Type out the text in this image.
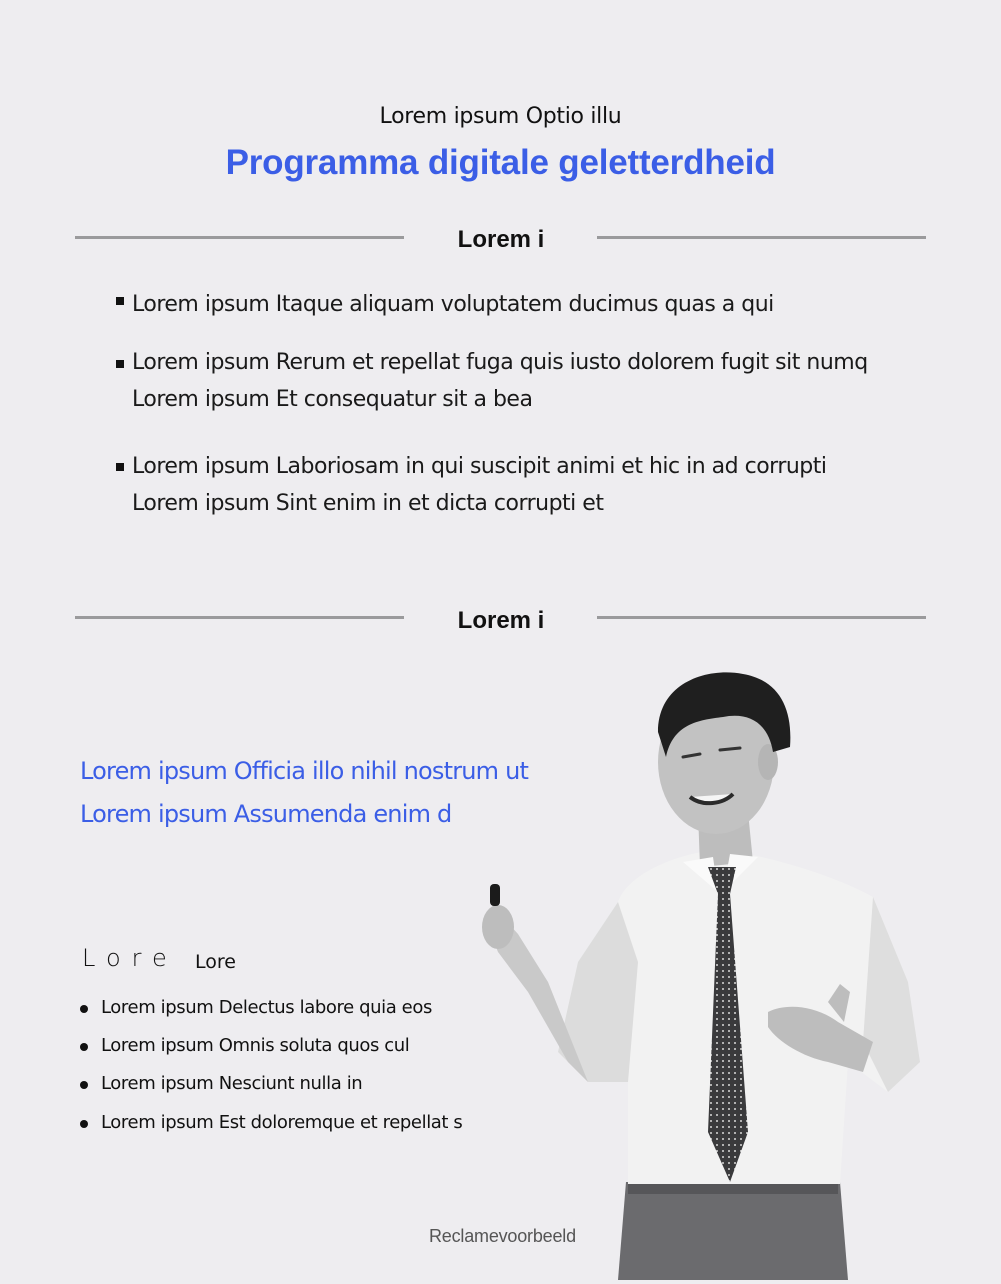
Lorem ipsum Optio illu
Programma digitale geletterdheid
Lorem i
Lorem ipsum Itaque aliquam voluptatem ducimus quas a qui
Lorem ipsum Rerum et repellat fuga quis iusto dolorem fugit sit numq
Lorem ipsum Et consequatur sit a bea
Lorem ipsum Laboriosam in qui suscipit animi et hic in ad corrupti
Lorem ipsum Sint enim in et dicta corrupti et
Lorem i
Lorem ipsum Officia illo nihil nostrum ut
Lorem ipsum Assumenda enim d
Lore Lore
Lorem ipsum Delectus labore quia eos
Lorem ipsum Omnis soluta quos cul
Lorem ipsum Nesciunt nulla in
Lorem ipsum Est doloremque et repellat s
Reclamevoorbeeld
